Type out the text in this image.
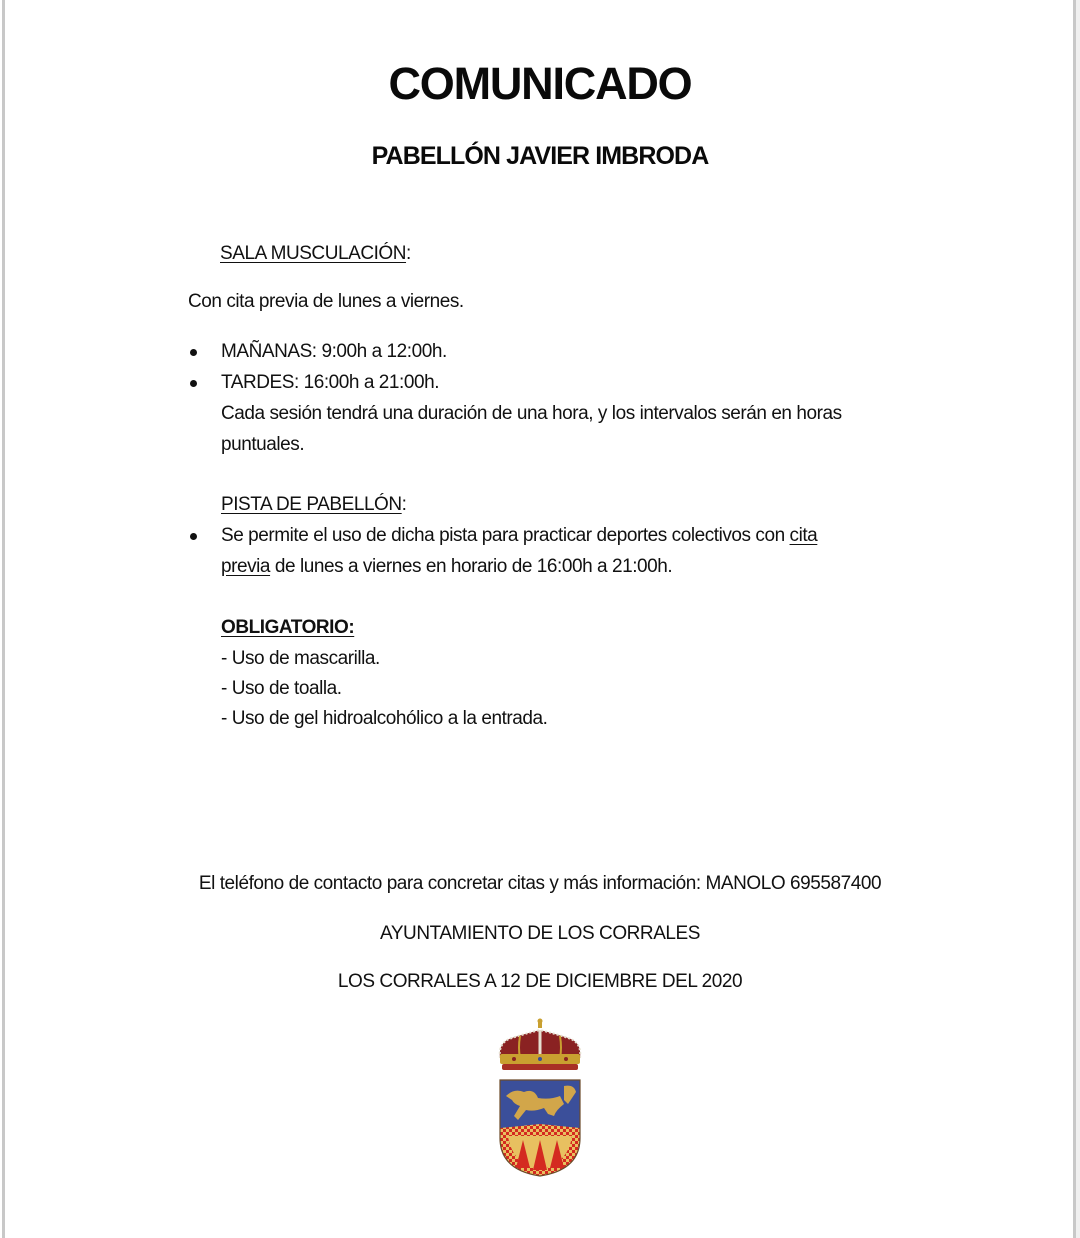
COMUNICADO
PABELLÓN JAVIER IMBRODA
SALA MUSCULACIÓN:
Con cita previa de lunes a viernes.
MAÑANAS: 9:00h a 12:00h.
TARDES: 16:00h a 21:00h.
Cada sesión tendrá una duración de una hora, y los intervalos serán en horas
puntuales.
PISTA DE PABELLÓN:
Se permite el uso de dicha pista para practicar deportes colectivos con cita
previa de lunes a viernes en horario de 16:00h a 21:00h.
OBLIGATORIO:
- Uso de mascarilla.
- Uso de toalla.
- Uso de gel hidroalcohólico a la entrada.
El teléfono de contacto para concretar citas y más información: MANOLO 695587400
AYUNTAMIENTO DE LOS CORRALES
LOS CORRALES A 12 DE DICIEMBRE DEL 2020
